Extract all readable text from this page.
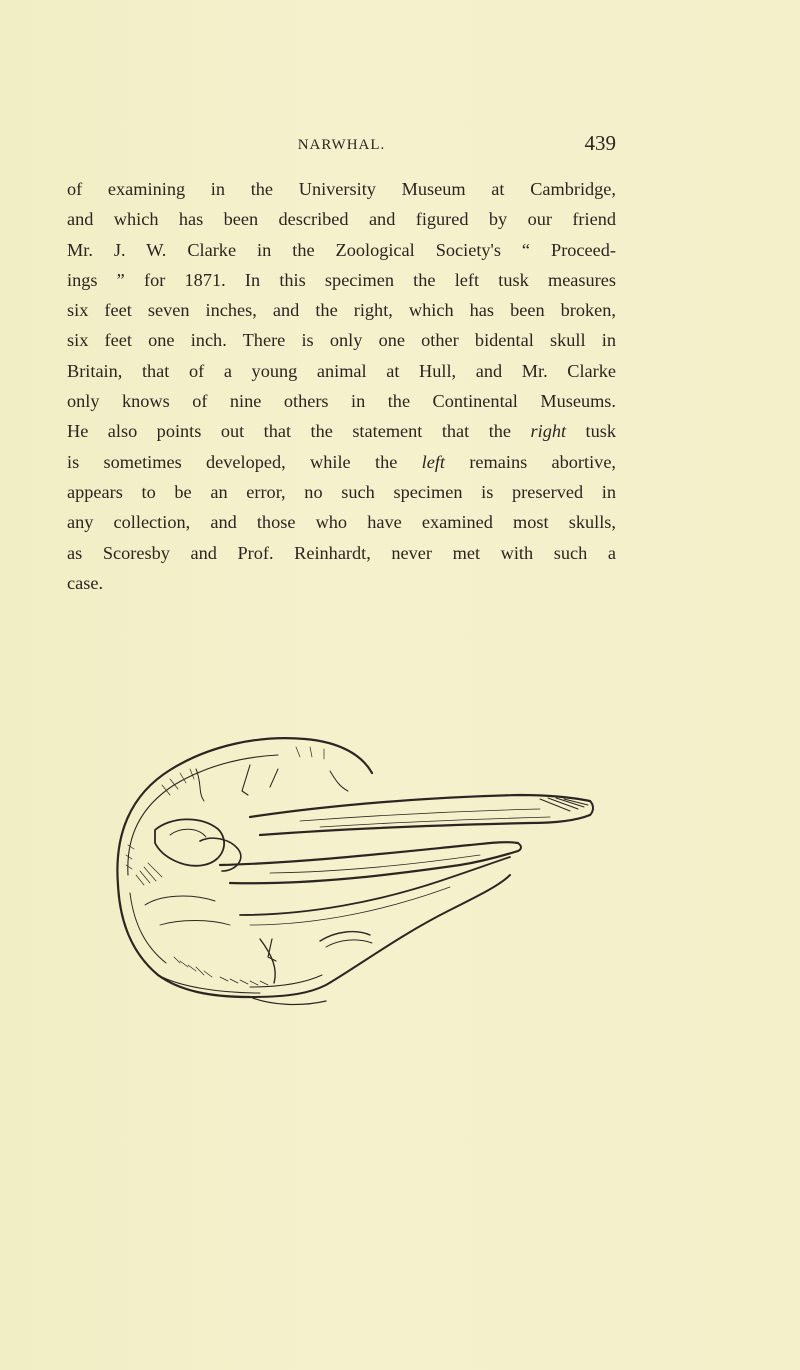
NARWHAL.	439

of examining in the University Museum at Cambridge,
and which has been described and figured by our friend
Mr. J. W. Clarke in the Zoological Society's “ Proceed-
ings ” for 1871. In this specimen the left tusk measures
six feet seven inches, and the right, which has been broken,
six feet one inch. There is only one other bidental skull in
Britain, that of a young animal at Hull, and Mr. Clarke
only knows of nine others in the Continental Museums.
He also points out that the statement that the right tusk
is sometimes developed, while the left remains abortive,
appears to be an error, no such specimen is preserved in
any collection, and those who have examined most skulls,
as Scoresby and Prof. Reinhardt, never met with such a
case.
